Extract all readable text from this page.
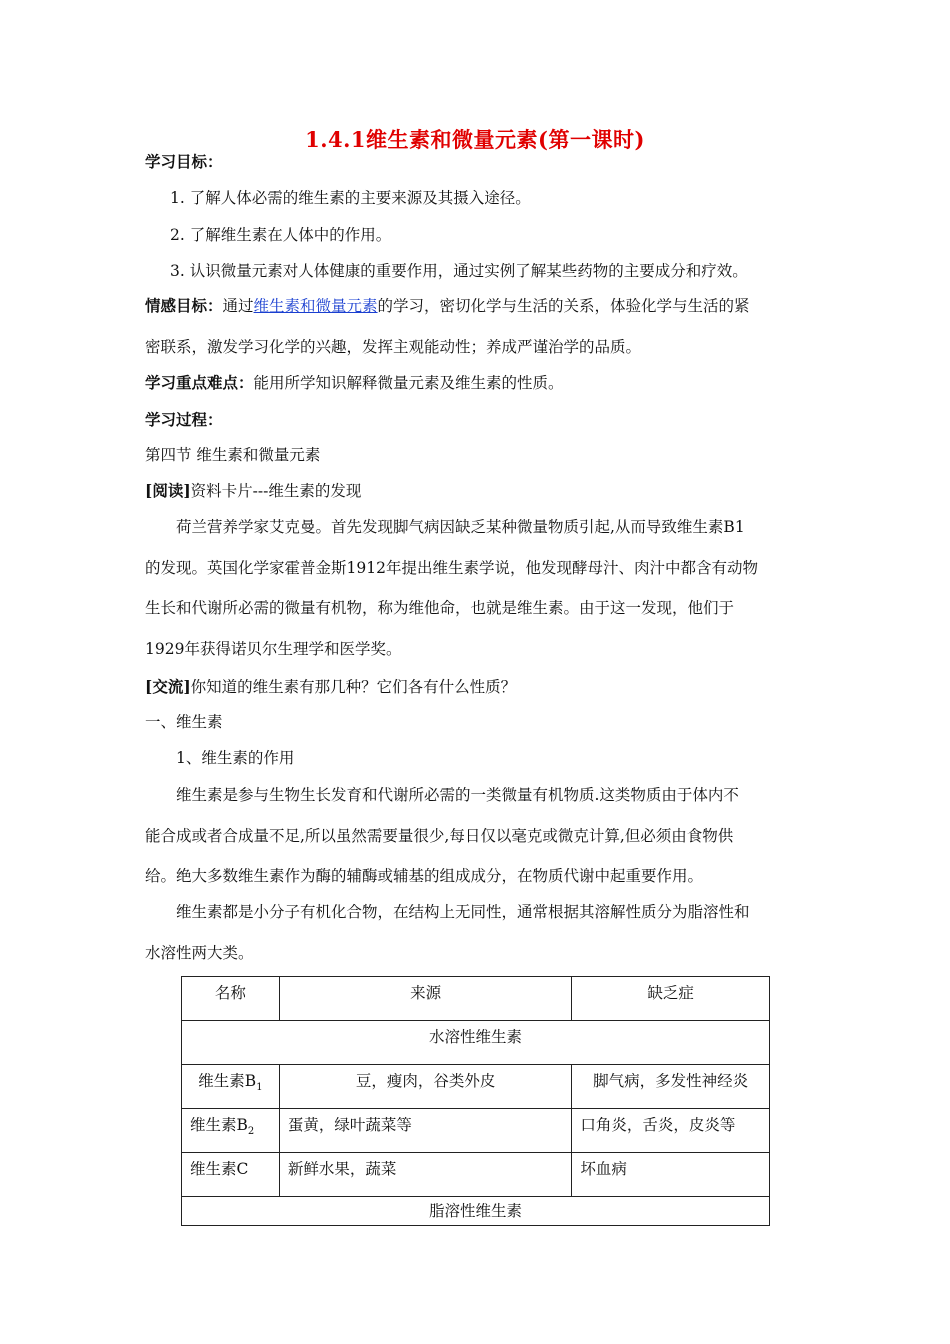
1.4.1维生素和微量元素(第一课时)
学习目标：
1. 了解人体必需的维生素的主要来源及其摄入途径。
2. 了解维生素在人体中的作用。
3. 认识微量元素对人体健康的重要作用，通过实例了解某些药物的主要成分和疗效。
情感目标：通过维生素和微量元素的学习，密切化学与生活的关系，体验化学与生活的紧
密联系，激发学习化学的兴趣，发挥主观能动性；养成严谨治学的品质。
学习重点难点：能用所学知识解释微量元素及维生素的性质。
学习过程：
第四节 维生素和微量元素
[阅读]资料卡片---维生素的发现
荷兰营养学家艾克曼。首先发现脚气病因缺乏某种微量物质引起,从而导致维生素B1
的发现。英国化学家霍普金斯1912年提出维生素学说，他发现酵母汁、肉汁中都含有动物
生长和代谢所必需的微量有机物，称为维他命，也就是维生素。由于这一发现，他们于
1929年获得诺贝尔生理学和医学奖。
[交流]你知道的维生素有那几种？它们各有什么性质？
一、维生素
1、维生素的作用
维生素是参与生物生长发育和代谢所必需的一类微量有机物质.这类物质由于体内不
能合成或者合成量不足,所以虽然需要量很少,每日仅以毫克或微克计算,但必须由食物供
给。绝大多数维生素作为酶的辅酶或辅基的组成成分，在物质代谢中起重要作用。
维生素都是小分子有机化合物，在结构上无同性，通常根据其溶解性质分为脂溶性和
水溶性两大类。
名称	来源	缺乏症
水溶性维生素		
维生素$B_1$	豆，瘦肉，谷类外皮	脚气病，多发性神经炎
维生素$B_2$	蛋黄，绿叶蔬菜等	口角炎，舌炎，皮炎等
维生素C	新鲜水果，蔬菜	坏血病
脂溶性维生素		
